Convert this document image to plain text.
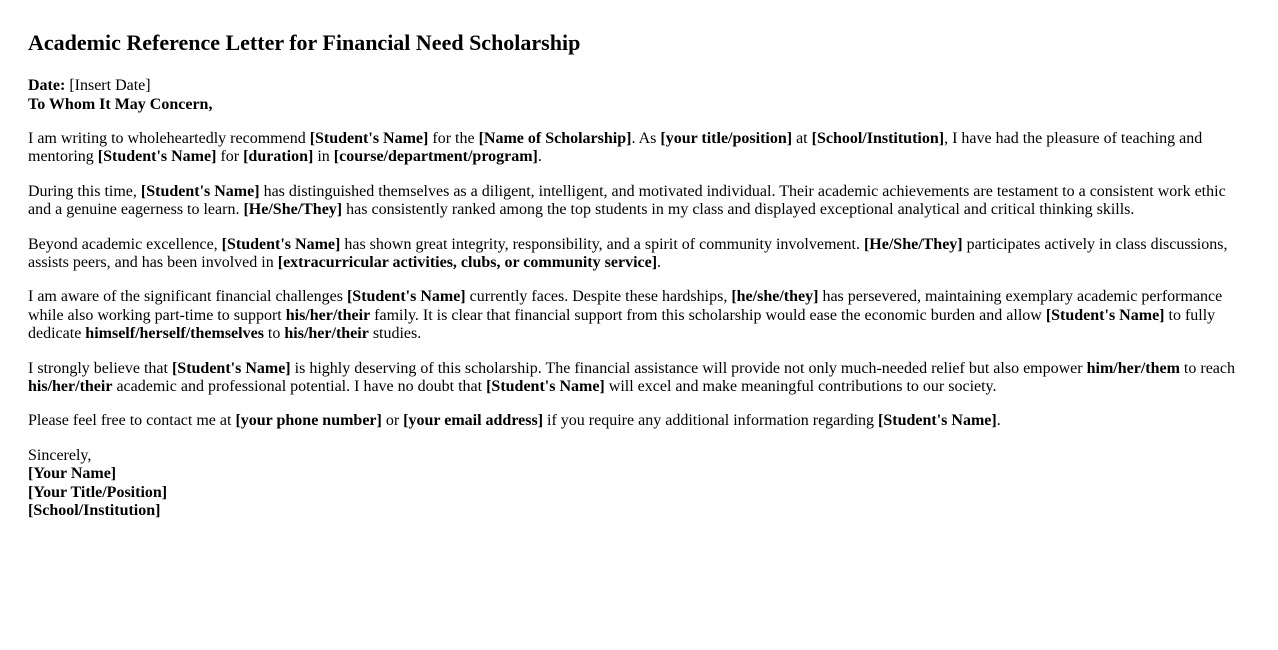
Academic Reference Letter for Financial Need Scholarship

Date: [Insert Date]

To Whom It May Concern,

I am writing to wholeheartedly recommend [Student's Name] for the [Name of Scholarship]. As [your title/position] at [School/Institution], I have had the pleasure of teaching and mentoring [Student's Name] for [duration] in [course/department/program].

During this time, [Student's Name] has distinguished themselves as a diligent, intelligent, and motivated individual. Their academic achievements are testament to a consistent work ethic and a genuine eagerness to learn. [He/She/They] has consistently ranked among the top students in my class and displayed exceptional analytical and critical thinking skills.

Beyond academic excellence, [Student's Name] has shown great integrity, responsibility, and a spirit of community involvement. [He/She/They] participates actively in class discussions, assists peers, and has been involved in [extracurricular activities, clubs, or community service].

I am aware of the significant financial challenges [Student's Name] currently faces. Despite these hardships, [he/she/they] has persevered, maintaining exemplary academic performance while also working part-time to support his/her/their family. It is clear that financial support from this scholarship would ease the economic burden and allow [Student's Name] to fully dedicate himself/herself/themselves to his/her/their studies.

I strongly believe that [Student's Name] is highly deserving of this scholarship. The financial assistance will provide not only much-needed relief but also empower him/her/them to reach his/her/their academic and professional potential. I have no doubt that [Student's Name] will excel and make meaningful contributions to our society.

Please feel free to contact me at [your phone number] or [your email address] if you require any additional information regarding [Student's Name].

Sincerely,

[Your Name]

[Your Title/Position]

[School/Institution]
